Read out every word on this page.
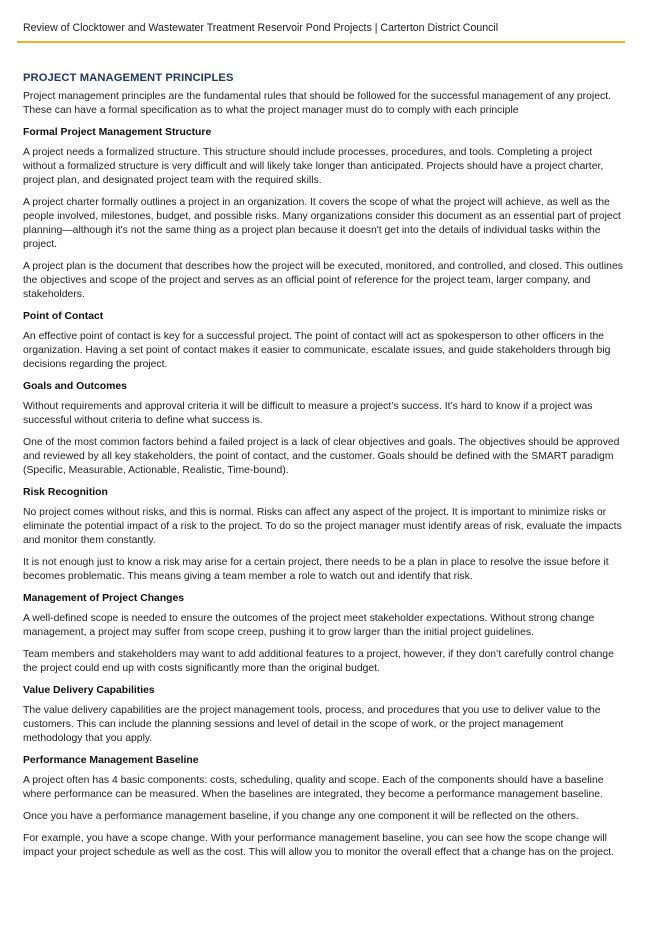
Review of Clocktower and Wastewater Treatment Reservoir Pond Projects | Carterton District Council
PROJECT MANAGEMENT PRINCIPLES

Project management principles are the fundamental rules that should be followed for the successful management of any project. These can have a formal specification as to what the project manager must do to comply with each principle

Formal Project Management Structure

A project needs a formalized structure. This structure should include processes, procedures, and tools. Completing a project without a formalized structure is very difficult and will likely take longer than anticipated. Projects should have a project charter, project plan, and designated project team with the required skills.

A project charter formally outlines a project in an organization. It covers the scope of what the project will achieve, as well as the people involved, milestones, budget, and possible risks. Many organizations consider this document as an essential part of project planning—although it's not the same thing as a project plan because it doesn't get into the details of individual tasks within the project.

A project plan is the document that describes how the project will be executed, monitored, and controlled, and closed. This outlines the objectives and scope of the project and serves as an official point of reference for the project team, larger company, and stakeholders.

Point of Contact

An effective point of contact is key for a successful project. The point of contact will act as spokesperson to other officers in the organization. Having a set point of contact makes it easier to communicate, escalate issues, and guide stakeholders through big decisions regarding the project.

Goals and Outcomes

Without requirements and approval criteria it will be difficult to measure a project’s success. It’s hard to know if a project was successful without criteria to define what success is.

One of the most common factors behind a failed project is a lack of clear objectives and goals. The objectives should be approved and reviewed by all key stakeholders, the point of contact, and the customer. Goals should be defined with the SMART paradigm (Specific, Measurable, Actionable, Realistic, Time-bound).

Risk Recognition

No project comes without risks, and this is normal. Risks can affect any aspect of the project. It is important to minimize risks or eliminate the potential impact of a risk to the project. To do so the project manager must identify areas of risk, evaluate the impacts and monitor them constantly.

It is not enough just to know a risk may arise for a certain project, there needs to be a plan in place to resolve the issue before it becomes problematic. This means giving a team member a role to watch out and identify that risk.

Management of Project Changes

A well-defined scope is needed to ensure the outcomes of the project meet stakeholder expectations. Without strong change management, a project may suffer from scope creep, pushing it to grow larger than the initial project guidelines.

Team members and stakeholders may want to add additional features to a project, however, if they don’t carefully control change the project could end up with costs significantly more than the original budget.

Value Delivery Capabilities

The value delivery capabilities are the project management tools, process, and procedures that you use to deliver value to the customers. This can include the planning sessions and level of detail in the scope of work, or the project management methodology that you apply.

Performance Management Baseline

A project often has 4 basic components: costs, scheduling, quality and scope. Each of the components should have a baseline where performance can be measured. When the baselines are integrated, they become a performance management baseline.

Once you have a performance management baseline, if you change any one component it will be reflected on the others.

For example, you have a scope change. With your performance management baseline, you can see how the scope change will impact your project schedule as well as the cost. This will allow you to monitor the overall effect that a change has on the project.
